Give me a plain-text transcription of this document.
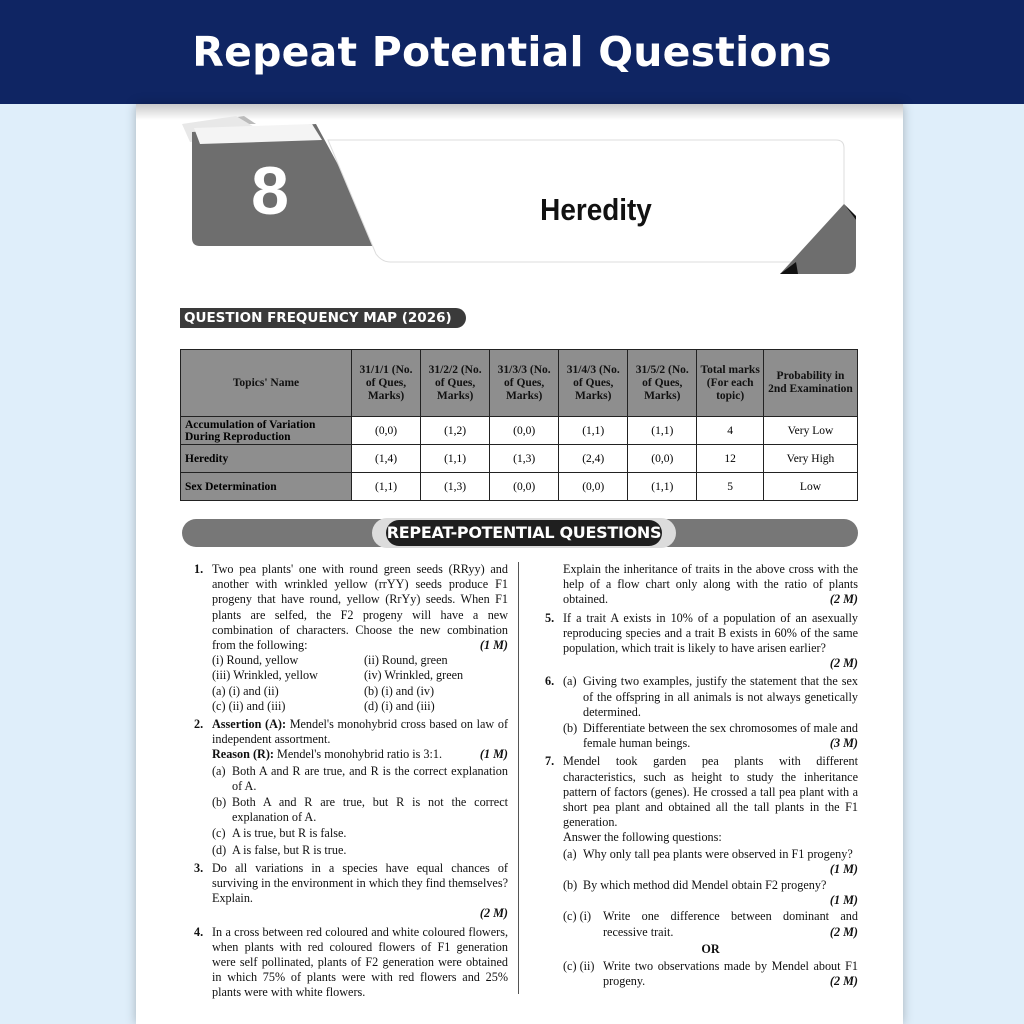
Repeat Potential Questions
8	Heredity
QUESTION FREQUENCY MAP (2026)
Topics' Name	31/1/1 (No. of Ques, Marks)	31/2/2 (No. of Ques, Marks)	31/3/3 (No. of Ques, Marks)	31/4/3 (No. of Ques, Marks)	31/5/2 (No. of Ques, Marks)	Total marks (For each topic)	Probability in 2nd Examination
Accumulation of Variation During Reproduction	(0,0)	(1,2)	(0,0)	(1,1)	(1,1)	4	Very Low
Heredity	(1,4)	(1,1)	(1,3)	(2,4)	(0,0)	12	Very High
Sex Determination	(1,1)	(1,3)	(0,0)	(0,0)	(1,1)	5	Low
REPEAT-POTENTIAL QUESTIONS
1. Two pea plants' one with round green seeds (RRyy) and another with wrinkled yellow (rrYY) seeds produce F1 progeny that have round, yellow (RrYy) seeds. When F1 plants are selfed, the F2 progeny will have a new combination of characters. Choose the new combination from the following:	(1 M)
(i) Round, yellow	(ii) Round, green
(iii) Wrinkled, yellow	(iv) Wrinkled, green
(a) (i) and (ii)	(b) (i) and (iv)
(c) (ii) and (iii)	(d) (i) and (iii)
2. Assertion (A): Mendel's monohybrid cross based on law of independent assortment.
Reason (R): Mendel's monohybrid ratio is 3:1.	(1 M)
(a) Both A and R are true, and R is the correct explanation of A.
(b) Both A and R are true, but R is not the correct explanation of A.
(c) A is true, but R is false.
(d) A is false, but R is true.
3. Do all variations in a species have equal chances of surviving in the environment in which they find themselves? Explain.
(2 M)
4. In a cross between red coloured and white coloured flowers, when plants with red coloured flowers of F1 generation were self pollinated, plants of F2 generation were obtained in which 75% of plants were with red flowers and 25% plants were with white flowers.
Explain the inheritance of traits in the above cross with the help of a flow chart only along with the ratio of plants obtained.	(2 M)
5. If a trait A exists in 10% of a population of an asexually reproducing species and a trait B exists in 60% of the same population, which trait is likely to have arisen earlier?
(2 M)
6. (a) Giving two examples, justify the statement that the sex of the offspring in all animals is not always genetically determined.
(b) Differentiate between the sex chromosomes of male and female human beings.	(3 M)
7. Mendel took garden pea plants with different characteristics, such as height to study the inheritance pattern of factors (genes). He crossed a tall pea plant with a short pea plant and obtained all the tall plants in the F1 generation.
Answer the following questions:
(a) Why only tall pea plants were observed in F1 progeny?
(1 M)
(b) By which method did Mendel obtain F2 progeny?
(1 M)
(c) (i) Write one difference between dominant and recessive trait.	(2 M)
OR
(c) (ii) Write two observations made by Mendel about F1 progeny.	(2 M)
